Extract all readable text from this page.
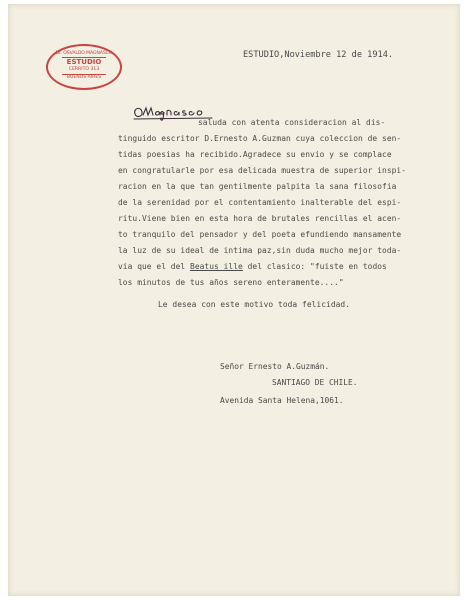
Dr. OSVALDO MAGNASCO
ESTUDIO
CERRITO 313
BUENOS AIRES
ESTUDIO,Noviembre 12 de 1914.
saluda con atenta consideracion al dis-
tinguido escritor D.Ernesto A.Guzman cuya coleccion de sen-
tidas poesias ha recibido.Agradece su envio y se complace
en congratularle por esa delicada muestra de superior inspi-
racion en la que tan gentilmente palpita la sana filosofia
de la serenidad por el contentamiento inalterable del espi-
ritu.Viene bien en esta hora de brutales rencillas el acen-
to tranquilo del pensador y del poeta efundiendo mansamente
la luz de su ideal de intima paz,sin duda mucho mejor toda-
via que el del Beatus ille del clasico: "fuiste en todos
los minutos de tus años sereno enteramente...."
Le desea con este motivo toda felicidad.
Señor Ernesto A.Guzmán.
SANTIAGO DE CHILE.
Avenida Santa Helena,1061.
